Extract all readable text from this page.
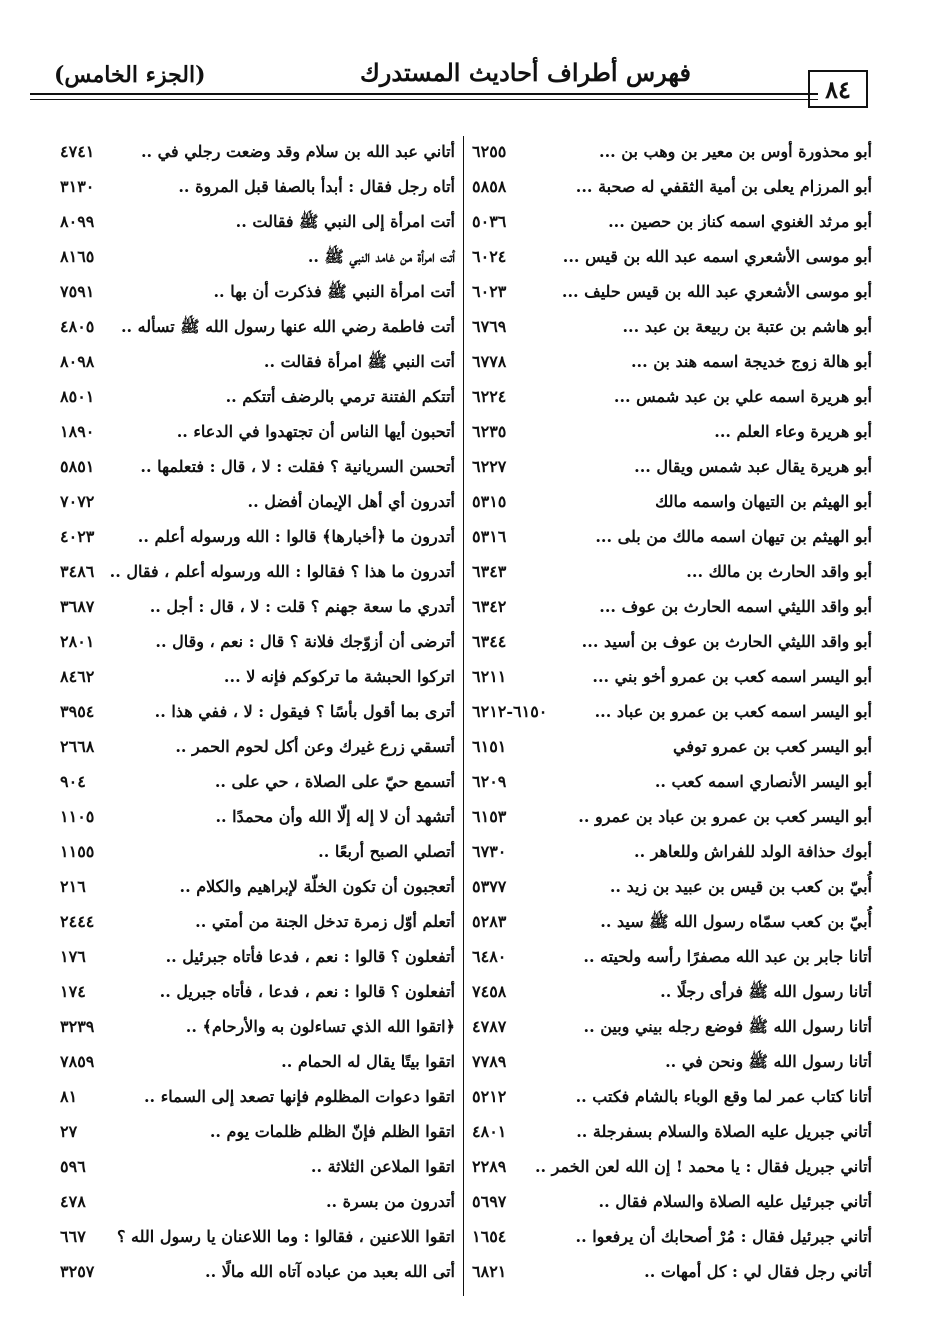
٨٤
فهرس أطراف أحاديث المستدرك
(الجزء الخامس)
أبو محذورة أوس بن معير بن وهب بن ...
٦٢٥٥
أبو المرزام يعلى بن أمية الثقفي له صحبة ...
٥٨٥٨
أبو مرثد الغنوي اسمه كناز بن حصين ...
٥٠٣٦
أبو موسى الأشعري اسمه عبد الله بن قيس ...
٦٠٢٤
أبو موسى الأشعري عبد الله بن قيس حليف ...
٦٠٢٣
أبو هاشم بن عتبة بن ربيعة بن عبد ...
٦٧٦٩
أبو هالة زوج خديجة اسمه هند بن ...
٦٧٧٨
أبو هريرة اسمه علي بن عبد شمس ...
٦٢٢٤
أبو هريرة وعاء العلم ...
٦٢٣٥
أبو هريرة يقال عبد شمس ويقال ...
٦٢٢٧
أبو الهيثم بن التيهان واسمه مالك
٥٣١٥
أبو الهيثم بن تيهان اسمه مالك من بلى ...
٥٣١٦
أبو واقد الحارث بن مالك ...
٦٣٤٣
أبو واقد الليثي اسمه الحارث بن عوف ...
٦٣٤٢
أبو واقد الليثي الحارث بن عوف بن أسيد ...
٦٣٤٤
أبو اليسر اسمه كعب بن عمرو أخو بني ...
٦٢١١
أبو اليسر اسمه كعب بن عمرو بن عباد ...
٦١٥٠-٦٢١٢
أبو اليسر كعب بن عمرو توفي
٦١٥١
أبو اليسر الأنصاري اسمه كعب ..
٦٢٠٩
أبو اليسر كعب بن عمرو بن عباد بن عمرو ..
٦١٥٣
أبوك حذافة الولد للفراش وللعاهر ..
٦٧٣٠
أُبيّ بن كعب بن قيس بن عبيد بن زيد ..
٥٣٧٧
أُبيّ بن كعب سمّاه رسول الله ﷺ سيد ..
٥٢٨٣
أتانا جابر بن عبد الله مصفرًا رأسه ولحيته ..
٦٤٨٠
أتانا رسول الله ﷺ فرأى رجلًا ..
٧٤٥٨
أتانا رسول الله ﷺ فوضع رجله بيني وبين ..
٤٧٨٧
أتانا رسول الله ﷺ ونحن في ..
٧٧٨٩
أتانا كتاب عمر لما وقع الوباء بالشام فكتب ..
٥٢١٢
أتاني جبريل عليه الصلاة والسلام بسفرجلة ..
٤٨٠١
أتاني جبريل فقال : يا محمد ! إن الله لعن الخمر ..
٢٢٨٩
أتاني جبرئيل عليه الصلاة والسلام فقال ..
٥٦٩٧
أتاني جبرئيل فقال : مُرْ أصحابك أن يرفعوا ..
١٦٥٤
أتاني رجل فقال لي : كل أمهات ..
٦٨٢١
أتاني عبد الله بن سلام وقد وضعت رجلي في ..
٤٧٤١
أتاه رجل فقال : أبدأ بالصفا قبل المروة ..
٣١٣٠
أتت امرأة إلى النبي ﷺ فقالت ..
٨٠٩٩
أتت امرأة من غامد النبي ﷺ ..
٨١٦٥
أتت امرأة النبي ﷺ فذكرت أن بها ..
٧٥٩١
أتت فاطمة رضي الله عنها رسول الله ﷺ تسأله ..
٤٨٠٥
أتت النبي ﷺ امرأة فقالت ..
٨٠٩٨
أتتكم الفتنة ترمي بالرضف أتتكم ..
٨٥٠١
أتحبون أيها الناس أن تجتهدوا في الدعاء ..
١٨٩٠
أتحسن السريانية ؟ فقلت : لا ، قال : فتعلمها ..
٥٨٥١
أتدرون أي أهل الإيمان أفضل ..
٧٠٧٢
أتدرون ما ﴿أخبارها﴾ قالوا : الله ورسوله أعلم ..
٤٠٢٣
أتدرون ما هذا ؟ فقالوا : الله ورسوله أعلم ، فقال ..
٣٤٨٦
أتدري ما سعة جهنم ؟ قلت : لا ، قال : أجل ..
٣٦٨٧
أترضى أن أزوّجك فلانة ؟ قال : نعم ، وقال ..
٢٨٠١
اتركوا الحبشة ما تركوكم فإنه لا ...
٨٤٦٢
أترى بما أقول بأسًا ؟ فيقول : لا ، ففي هذا ..
٣٩٥٤
أتسقي زرع غيرك وعن أكل لحوم الحمر ..
٢٦٦٨
أتسمع حيّ على الصلاة ، حي على ..
٩٠٤
أتشهد أن لا إله إلّا الله وأن محمدًا ..
١١٠٥
أتصلي الصبح أربعًا ..
١١٥٥
أتعجبون أن تكون الخلّة لإبراهيم والكلام ..
٢١٦
أتعلم أوّل زمرة تدخل الجنة من أمتي ..
٢٤٤٤
أتفعلون ؟ قالوا : نعم ، فدعا فأتاه جبرئيل ..
١٧٦
أتفعلون ؟ قالوا : نعم ، فدعا ، فأتاه جبريل ..
١٧٤
﴿اتقوا الله الذي تساءلون به والأرحام﴾ ..
٣٢٣٩
اتقوا بيتًا يقال له الحمام ..
٧٨٥٩
اتقوا دعوات المظلوم فإنها تصعد إلى السماء ..
٨١
اتقوا الظلم فإنّ الظلم ظلمات يوم ..
٢٧
اتقوا الملاعن الثلاثة ..
٥٩٦
أتدرون من بسرة ..
٤٧٨
اتقوا اللاعنين ، فقالوا : وما اللاعنان يا رسول الله ؟
٦٦٧
أتى الله بعبد من عباده آتاه الله مالًا ..
٣٢٥٧
